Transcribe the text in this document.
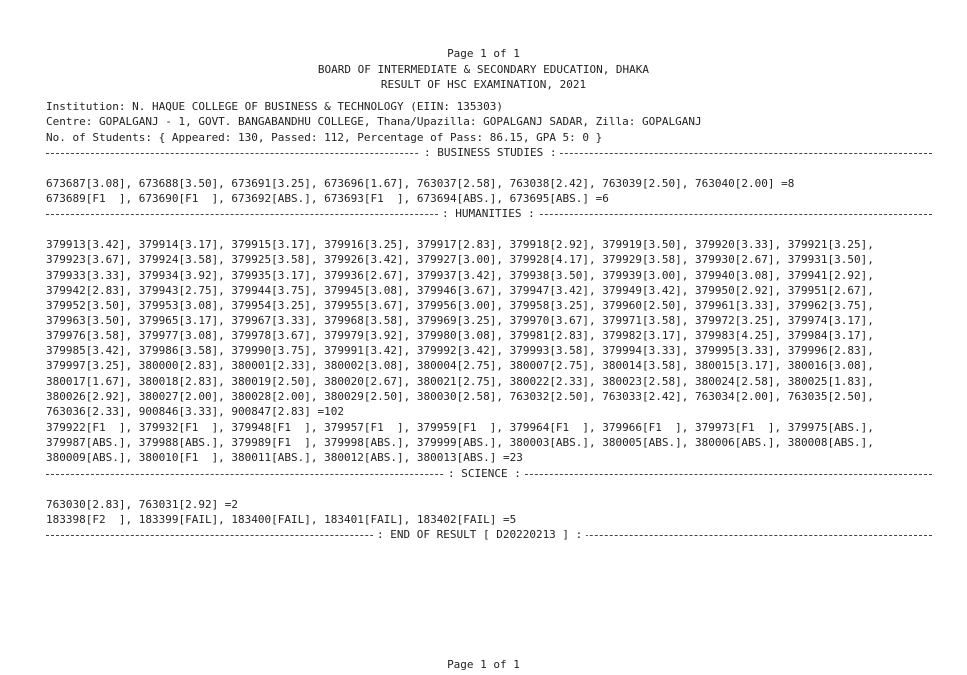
Page 1 of 1
BOARD OF INTERMEDIATE & SECONDARY EDUCATION, DHAKA
RESULT OF HSC EXAMINATION, 2021
Institution: N. HAQUE COLLEGE OF BUSINESS & TECHNOLOGY (EIIN: 135303)
Centre: GOPALGANJ - 1, GOVT. BANGABANDHU COLLEGE, Thana/Upazilla: GOPALGANJ SADAR, Zilla: GOPALGANJ
No. of Students: { Appeared: 130, Passed: 112, Percentage of Pass: 86.15, GPA 5: 0 }
: BUSINESS STUDIES :
673687[3.08], 673688[3.50], 673691[3.25], 673696[1.67], 763037[2.58], 763038[2.42], 763039[2.50], 763040[2.00] =8
673689[F1  ], 673690[F1  ], 673692[ABS.], 673693[F1  ], 673694[ABS.], 673695[ABS.] =6
: HUMANITIES :
379913[3.42], 379914[3.17], 379915[3.17], 379916[3.25], 379917[2.83], 379918[2.92], 379919[3.50], 379920[3.33], 379921[3.25],
379923[3.67], 379924[3.58], 379925[3.58], 379926[3.42], 379927[3.00], 379928[4.17], 379929[3.58], 379930[2.67], 379931[3.50],
379933[3.33], 379934[3.92], 379935[3.17], 379936[2.67], 379937[3.42], 379938[3.50], 379939[3.00], 379940[3.08], 379941[2.92],
379942[2.83], 379943[2.75], 379944[3.75], 379945[3.08], 379946[3.67], 379947[3.42], 379949[3.42], 379950[2.92], 379951[2.67],
379952[3.50], 379953[3.08], 379954[3.25], 379955[3.67], 379956[3.00], 379958[3.25], 379960[2.50], 379961[3.33], 379962[3.75],
379963[3.50], 379965[3.17], 379967[3.33], 379968[3.58], 379969[3.25], 379970[3.67], 379971[3.58], 379972[3.25], 379974[3.17],
379976[3.58], 379977[3.08], 379978[3.67], 379979[3.92], 379980[3.08], 379981[2.83], 379982[3.17], 379983[4.25], 379984[3.17],
379985[3.42], 379986[3.58], 379990[3.75], 379991[3.42], 379992[3.42], 379993[3.58], 379994[3.33], 379995[3.33], 379996[2.83],
379997[3.25], 380000[2.83], 380001[2.33], 380002[3.08], 380004[2.75], 380007[2.75], 380014[3.58], 380015[3.17], 380016[3.08],
380017[1.67], 380018[2.83], 380019[2.50], 380020[2.67], 380021[2.75], 380022[2.33], 380023[2.58], 380024[2.58], 380025[1.83],
380026[2.92], 380027[2.00], 380028[2.00], 380029[2.50], 380030[2.58], 763032[2.50], 763033[2.42], 763034[2.00], 763035[2.50],
763036[2.33], 900846[3.33], 900847[2.83] =102
379922[F1  ], 379932[F1  ], 379948[F1  ], 379957[F1  ], 379959[F1  ], 379964[F1  ], 379966[F1  ], 379973[F1  ], 379975[ABS.],
379987[ABS.], 379988[ABS.], 379989[F1  ], 379998[ABS.], 379999[ABS.], 380003[ABS.], 380005[ABS.], 380006[ABS.], 380008[ABS.],
380009[ABS.], 380010[F1  ], 380011[ABS.], 380012[ABS.], 380013[ABS.] =23
: SCIENCE :
763030[2.83], 763031[2.92] =2
183398[F2  ], 183399[FAIL], 183400[FAIL], 183401[FAIL], 183402[FAIL] =5
: END OF RESULT [ D20220213 ] :
Page 1 of 1
